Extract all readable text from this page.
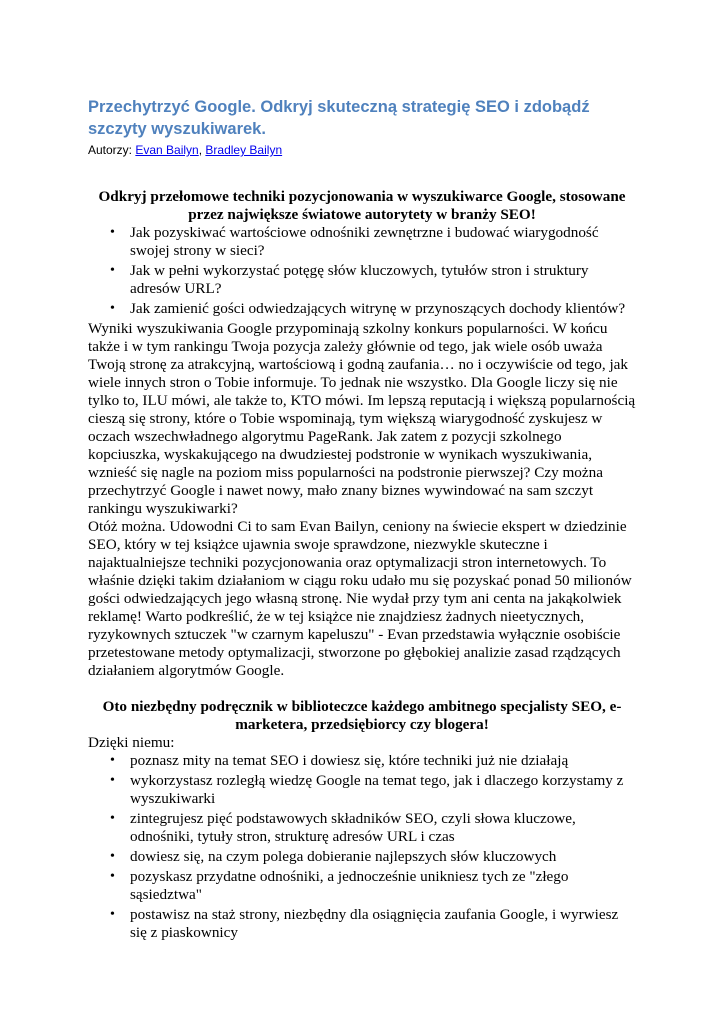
Przechytrzyć Google. Odkryj skuteczną strategię SEO i zdobądź szczyty wyszukiwarek.
Autorzy: Evan Bailyn, Bradley Bailyn

Odkryj przełomowe techniki pozycjonowania w wyszukiwarce Google, stosowane przez największe światowe autorytety w branży SEO!

• Jak pozyskiwać wartościowe odnośniki zewnętrzne i budować wiarygodność swojej strony w sieci?
• Jak w pełni wykorzystać potęgę słów kluczowych, tytułów stron i struktury adresów URL?
• Jak zamienić gości odwiedzających witrynę w przynoszących dochody klientów?

Wyniki wyszukiwania Google przypominają szkolny konkurs popularności. W końcu także i w tym rankingu Twoja pozycja zależy głównie od tego, jak wiele osób uważa Twoją stronę za atrakcyjną, wartościową i godną zaufania… no i oczywiście od tego, jak wiele innych stron o Tobie informuje. To jednak nie wszystko. Dla Google liczy się nie tylko to, ILU mówi, ale także to, KTO mówi. Im lepszą reputacją i większą popularnością cieszą się strony, które o Tobie wspominają, tym większą wiarygodność zyskujesz w oczach wszechwładnego algorytmu PageRank. Jak zatem z pozycji szkolnego kopciuszka, wyskakującego na dwudziestej podstronie w wynikach wyszukiwania, wznieść się nagle na poziom miss popularności na podstronie pierwszej? Czy można przechytrzyć Google i nawet nowy, mało znany biznes wywindować na sam szczyt rankingu wyszukiwarki?

Otóż można. Udowodni Ci to sam Evan Bailyn, ceniony na świecie ekspert w dziedzinie SEO, który w tej książce ujawnia swoje sprawdzone, niezwykle skuteczne i najaktualniejsze techniki pozycjonowania oraz optymalizacji stron internetowych. To właśnie dzięki takim działaniom w ciągu roku udało mu się pozyskać ponad 50 milionów gości odwiedzających jego własną stronę. Nie wydał przy tym ani centa na jakąkolwiek reklamę! Warto podkreślić, że w tej książce nie znajdziesz żadnych nieetycznych, ryzykownych sztuczek "w czarnym kapeluszu" - Evan przedstawia wyłącznie osobiście przetestowane metody optymalizacji, stworzone po głębokiej analizie zasad rządzących działaniem algorytmów Google.

Oto niezbędny podręcznik w biblioteczce każdego ambitnego specjalisty SEO, e-marketera, przedsiębiorcy czy blogera!

Dzięki niemu:

• poznasz mity na temat SEO i dowiesz się, które techniki już nie działają
• wykorzystasz rozległą wiedzę Google na temat tego, jak i dlaczego korzystamy z wyszukiwarki
• zintegrujesz pięć podstawowych składników SEO, czyli słowa kluczowe, odnośniki, tytuły stron, strukturę adresów URL i czas
• dowiesz się, na czym polega dobieranie najlepszych słów kluczowych
• pozyskasz przydatne odnośniki, a jednocześnie unikniesz tych ze "złego sąsiedztwa"
• postawisz na staż strony, niezbędny dla osiągnięcia zaufania Google, i wyrwiesz się z piaskownicy
